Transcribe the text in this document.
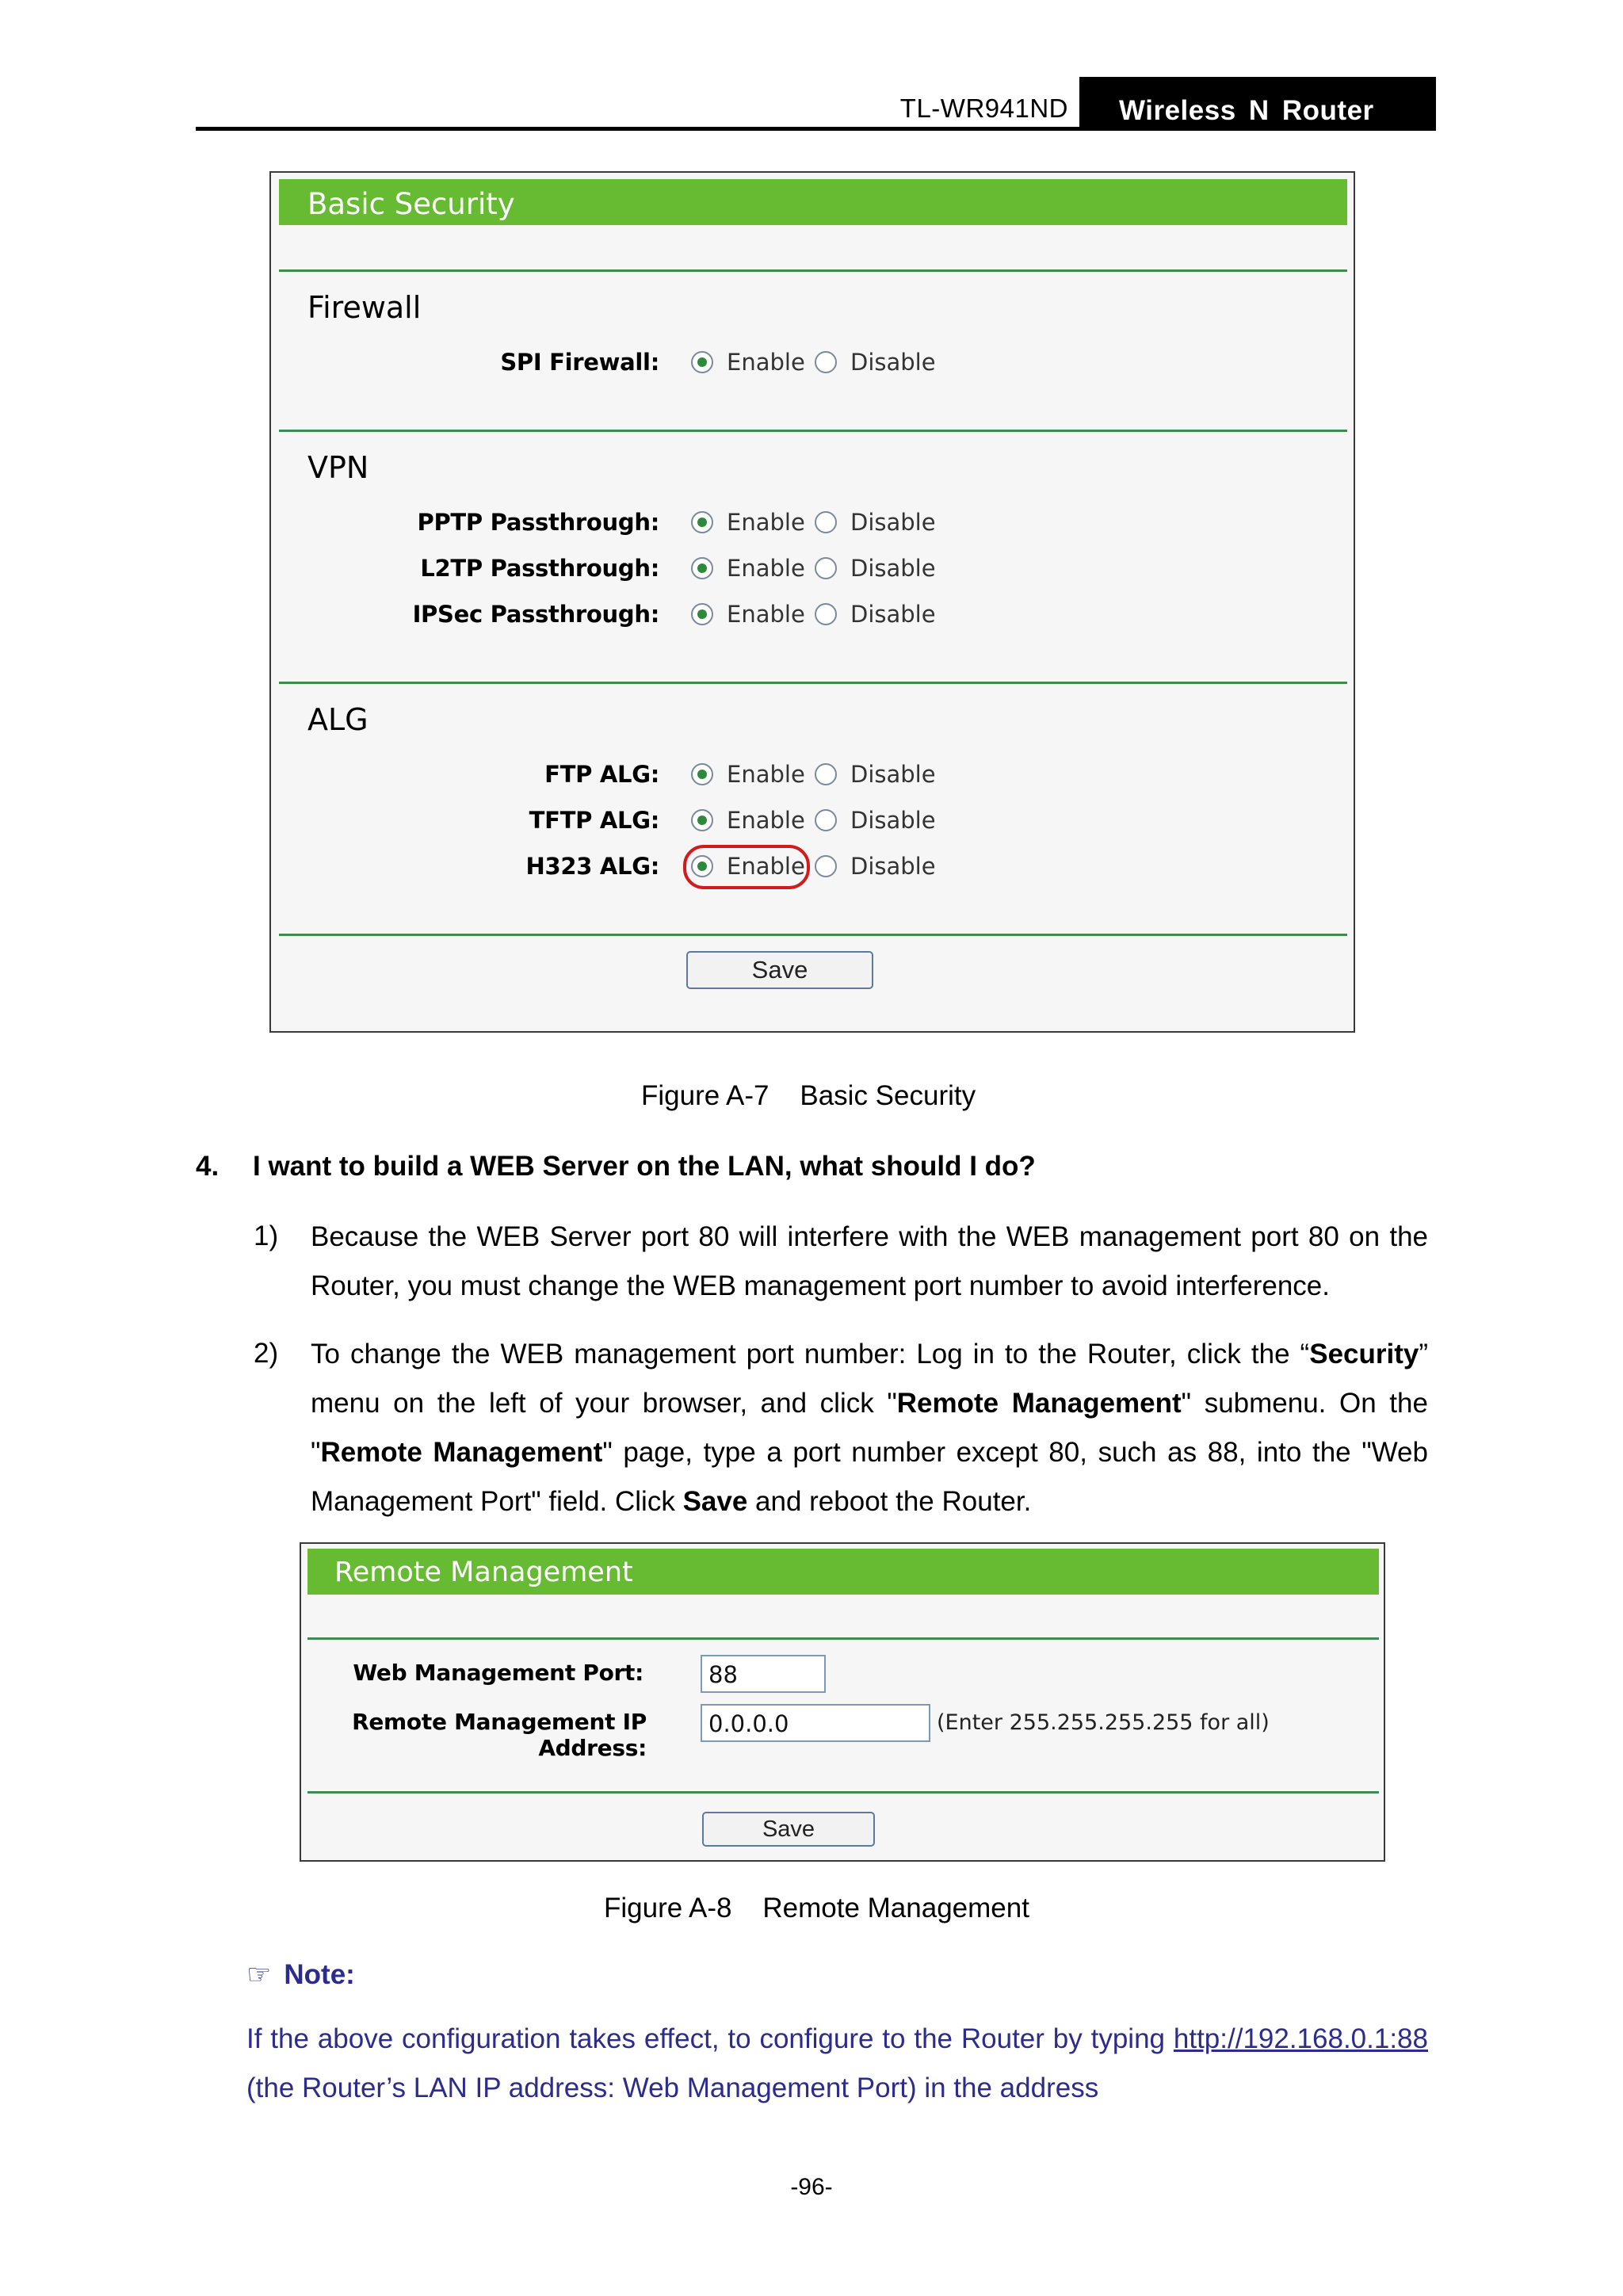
TL-WR941ND	Wireless N Router
Basic Security
Firewall
SPI Firewall:	Enable Disable
VPN
PPTP Passthrough:	Enable Disable
L2TP Passthrough:	Enable Disable
IPSec Passthrough:	Enable Disable
ALG
FTP ALG:	Enable Disable
TFTP ALG:	Enable Disable
H323 ALG:	Enable Disable
Save
Figure A-7 Basic Security
4. I want to build a WEB Server on the LAN, what should I do?
1) Because the WEB Server port 80 will interfere with the WEB management port 80 on the Router, you must change the WEB management port number to avoid interference.
2) To change the WEB management port number: Log in to the Router, click the “Security” menu on the left of your browser, and click "Remote Management" submenu. On the "Remote Management" page, type a port number except 80, such as 88, into the "Web Management Port" field. Click Save and reboot the Router.
Remote Management
Web Management Port:	88
Remote Management IP Address:
0.0.0.0	(Enter 255.255.255.255 for all)
Save
Figure A-8 Remote Management
☞ Note:
If the above configuration takes effect, to configure to the Router by typing http://192.168.0.1:88 (the Router’s LAN IP address: Web Management Port) in the address
-96-
